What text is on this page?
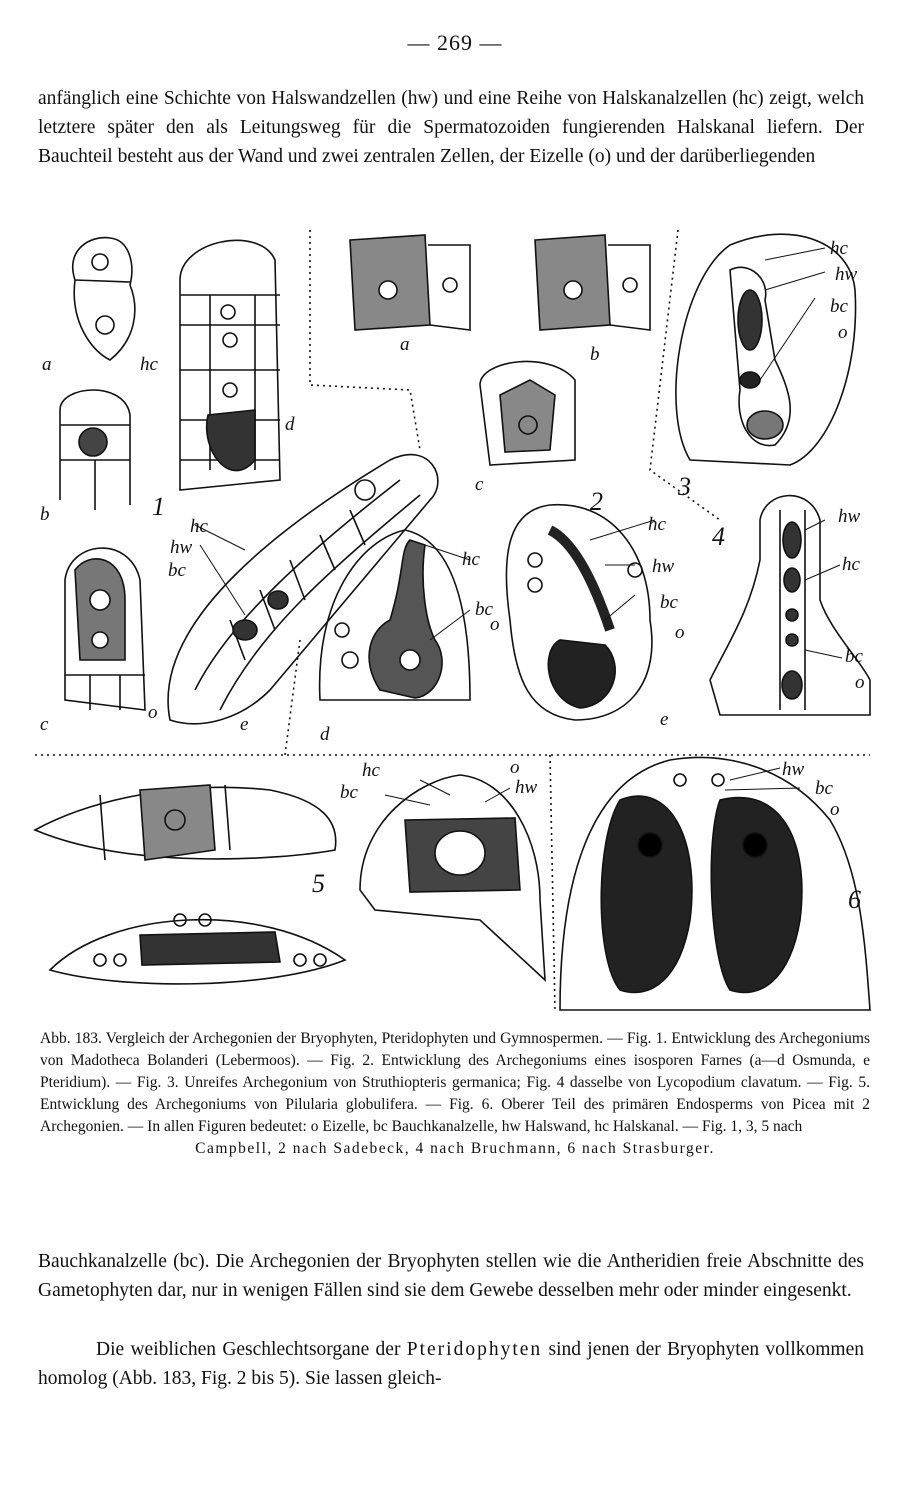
— 269 —
anfänglich eine Schichte von Halswandzellen (hw) und eine Reihe von Halskanalzellen (hc) zeigt, welch letztere später den als Leitungsweg für die Spermatozoiden fungierenden Halskanal liefern. Der Bauchteil besteht aus der Wand und zwei zentralen Zellen, der Eizelle (o) und der darüberliegenden
a
b
c
d
e
1
hc
hc
hw
bc
o
a	b
c
d
e
2
hc
bc
o
hc
hw
bc
o
3
hc
hw
bc
o
4
hw
hc
bc
o
5
hc
bc
o
hw
6
hw
bc
o
Abb. 183. Vergleich der Archegonien der Bryophyten, Pteridophyten und Gymnospermen. — Fig. 1. Entwicklung des Archegoniums von Madotheca Bolanderi (Lebermoos). — Fig. 2. Entwicklung des Archegoniums eines isosporen Farnes (a—d Osmunda, e Pteridium). — Fig. 3. Unreifes Archegonium von Struthiopteris germanica; Fig. 4 dasselbe von Lycopodium clavatum. — Fig. 5. Entwicklung des Archegoniums von Pilularia globulifera. — Fig. 6. Oberer Teil des primären Endosperms von Picea mit 2 Archegonien. — In allen Figuren bedeutet: o Eizelle, bc Bauchkanalzelle, hw Halswand, hc Halskanal. — Fig. 1, 3, 5 nach
Campbell, 2 nach Sadebeck, 4 nach Bruchmann, 6 nach Strasburger.
Bauchkanalzelle (bc). Die Archegonien der Bryophyten stellen wie die Antheridien freie Abschnitte des Gametophyten dar, nur in wenigen Fällen sind sie dem Gewebe desselben mehr oder minder eingesenkt.
Die weiblichen Geschlechtsorgane der Pteridophyten sind jenen der Bryophyten vollkommen homolog (Abb. 183, Fig. 2 bis 5). Sie lassen gleich-
